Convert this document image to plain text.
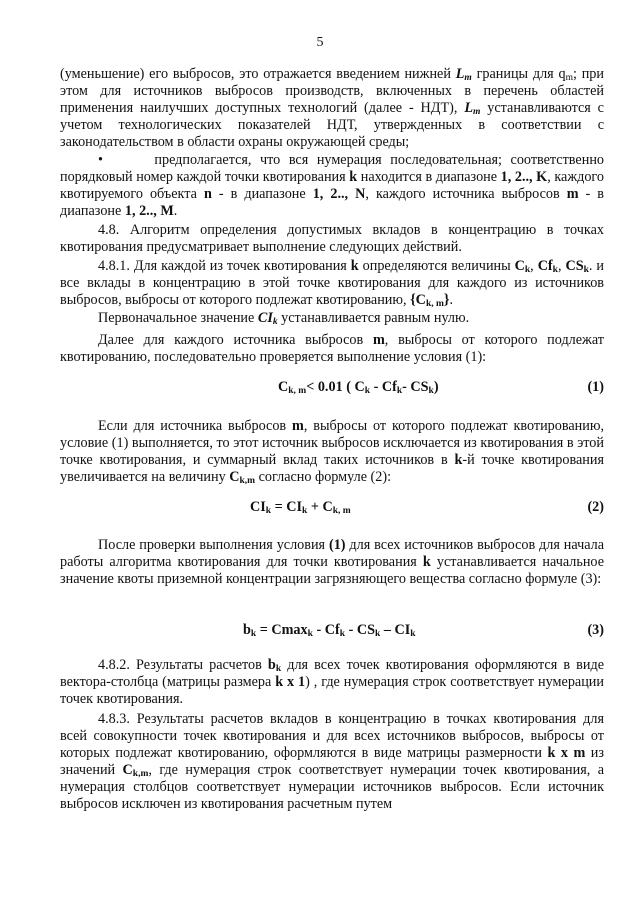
5

(уменьшение) его выбросов, это отражается введением нижней $L_m$ границы для $q_m$; при этом для источников выбросов производств, включенных в перечень областей применения наилучших доступных технологий (далее - НДТ), $L_m$ устанавливаются с учетом технологических показателей НДТ, утвержденных в соответствии с законодательством в области охраны окружающей среды;

•	предполагается, что вся нумерация последовательная; соответственно порядковый номер каждой точки квотирования k находится в диапазоне 1, 2.., K, каждого квотируемого объекта n - в диапазоне 1, 2.., N, каждого источника выбросов m - в диапазоне 1, 2.., M.

4.8. Алгоритм определения допустимых вкладов в концентрацию в точках квотирования предусматривает выполнение следующих действий.

4.8.1. Для каждой из точек квотирования k определяются величины $C_k$, $Cf_k$, $CS_k$. и все вклады в концентрацию в этой точке квотирования для каждого из источников выбросов, выбросы от которого подлежат квотированию, $\{C_{k, m}\}$.

Первоначальное значение $CI_k$ устанавливается равным нулю.

Далее для каждого источника выбросов m, выбросы от которого подлежат квотированию, последовательно проверяется выполнение условия (1):

$C_{k, m}< 0.01$ ( $C_k - Cf_k-$ $CS_k$)	(1)

Если для источника выбросов m, выбросы от которого подлежат квотированию, условие (1) выполняется, то этот источник выбросов исключается из квотирования в этой точке квотирования, и суммарный вклад таких источников в k-й точке квотирования увеличивается на величину $C_{k,m}$ согласно формуле (2):

$CI_k = CI_k + C_{k, m}$	(2)

После проверки выполнения условия (1) для всех источников выбросов для начала работы алгоритма квотирования для точки квотирования k устанавливается начальное значение квоты приземной концентрации загрязняющего вещества согласно формуле (3):

$b_k = Cmax_k - Cf_k - CS_k - CI_k$	(3)

4.8.2. Результаты расчетов $b_k$ для всех точек квотирования оформляются в виде вектора-столбца (матрицы размера k x 1) , где нумерация строк соответствует нумерации точек квотирования.

4.8.3. Результаты расчетов вкладов в концентрацию в точках квотирования для всей совокупности точек квотирования и для всех источников выбросов, выбросы от которых подлежат квотированию, оформляются в виде матрицы размерности k x m из значений $C_{k,m}$, где нумерация строк соответствует нумерации точек квотирования, а нумерация столбцов соответствует нумерации источников выбросов. Если источник выбросов исключен из квотирования расчетным путем
